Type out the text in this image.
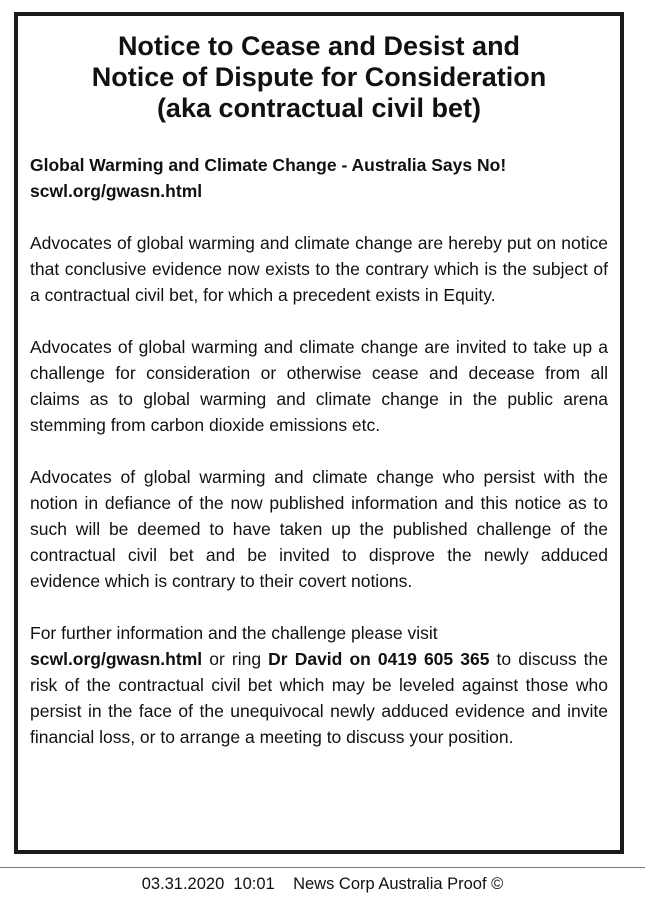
Notice to Cease and Desist and
Notice of Dispute for Consideration
(aka contractual civil bet)

Global Warming and Climate Change - Australia Says No!
scwl.org/gwasn.html

Advocates of global warming and climate change are hereby put on notice that conclusive evidence now exists to the contrary which is the subject of a contractual civil bet, for which a precedent exists in Equity.

Advocates of global warming and climate change are invited to take up a challenge for consideration or otherwise cease and decease from all claims as to global warming and climate change in the public arena stemming from carbon dioxide emissions etc.

Advocates of global warming and climate change who persist with the notion in defiance of the now published information and this notice as to such will be deemed to have taken up the published challenge of the contractual civil bet and be invited to disprove the newly adduced evidence which is contrary to their covert notions.

For further information and the challenge please visit
scwl.org/gwasn.html or ring Dr David on 0419 605 365 to discuss the risk of the contractual civil bet which may be leveled against those who persist in the face of the unequivocal newly adduced evidence and invite financial loss, or to arrange a meeting to discuss your position.

03.31.2020  10:01    News Corp Australia Proof ©
